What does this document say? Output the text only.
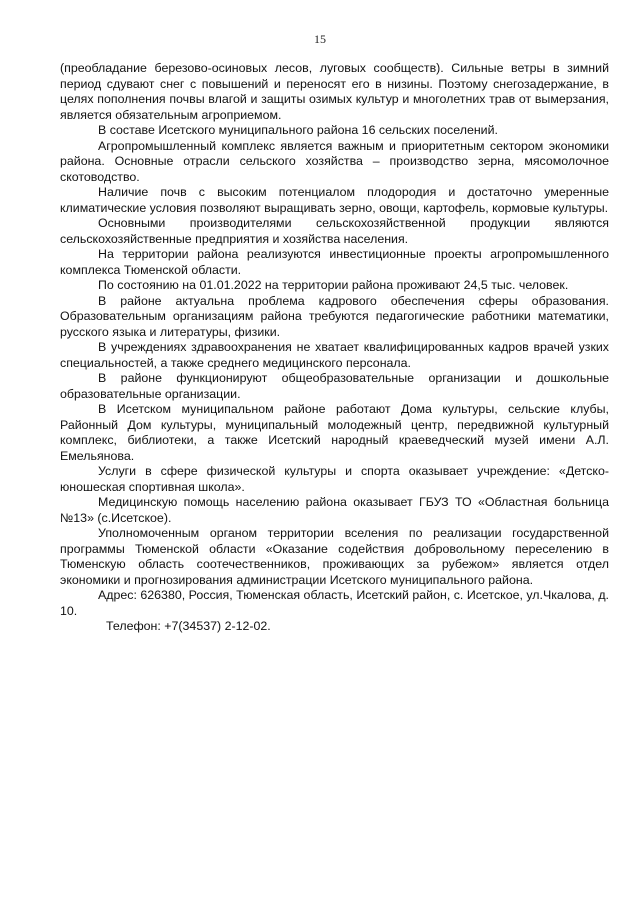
15

(преобладание березово-осиновых лесов, луговых сообществ). Сильные ветры в зимний период сдувают снег с повышений и переносят его в низины. Поэтому снегозадержание, в целях пополнения почвы влагой и защиты озимых культур и многолетних трав от вымерзания, является обязательным агроприемом.

В составе Исетского муниципального района 16 сельских поселений.

Агропромышленный комплекс является важным и приоритетным сектором экономики района. Основные отрасли сельского хозяйства – производство зерна, мясомолочное скотоводство.

Наличие почв с высоким потенциалом плодородия и достаточно умеренные климатические условия позволяют выращивать зерно, овощи, картофель, кормовые культуры.

Основными производителями сельскохозяйственной продукции являются сельскохозяйственные предприятия и хозяйства населения.

На территории района реализуются инвестиционные проекты агропромышленного комплекса Тюменской области.

По состоянию на 01.01.2022 на территории района проживают 24,5 тыс. человек.

В районе актуальна проблема кадрового обеспечения сферы образования. Образовательным организациям района требуются педагогические работники математики, русского языка и литературы, физики.

В учреждениях здравоохранения не хватает квалифицированных кадров врачей узких специальностей, а также среднего медицинского персонала.

В районе функционируют общеобразовательные организации и дошкольные образовательные организации.

В Исетском муниципальном районе работают Дома культуры, сельские клубы, Районный Дом культуры, муниципальный молодежный центр, передвижной культурный комплекс, библиотеки, а также Исетский народный краеведческий музей имени А.Л. Емельянова.

Услуги в сфере физической культуры и спорта оказывает учреждение: «Детско-юношеская спортивная школа».

Медицинскую помощь населению района оказывает ГБУЗ ТО «Областная больница №13» (с.Исетское).

Уполномоченным органом территории вселения по реализации государственной программы Тюменской области «Оказание содействия добровольному переселению в Тюменскую область соотечественников, проживающих за рубежом» является отдел экономики и прогнозирования администрации Исетского муниципального района.

Адрес: 626380, Россия, Тюменская область, Исетский район, с. Исетское, ул.Чкалова, д. 10.

Телефон: +7(34537) 2-12-02.
